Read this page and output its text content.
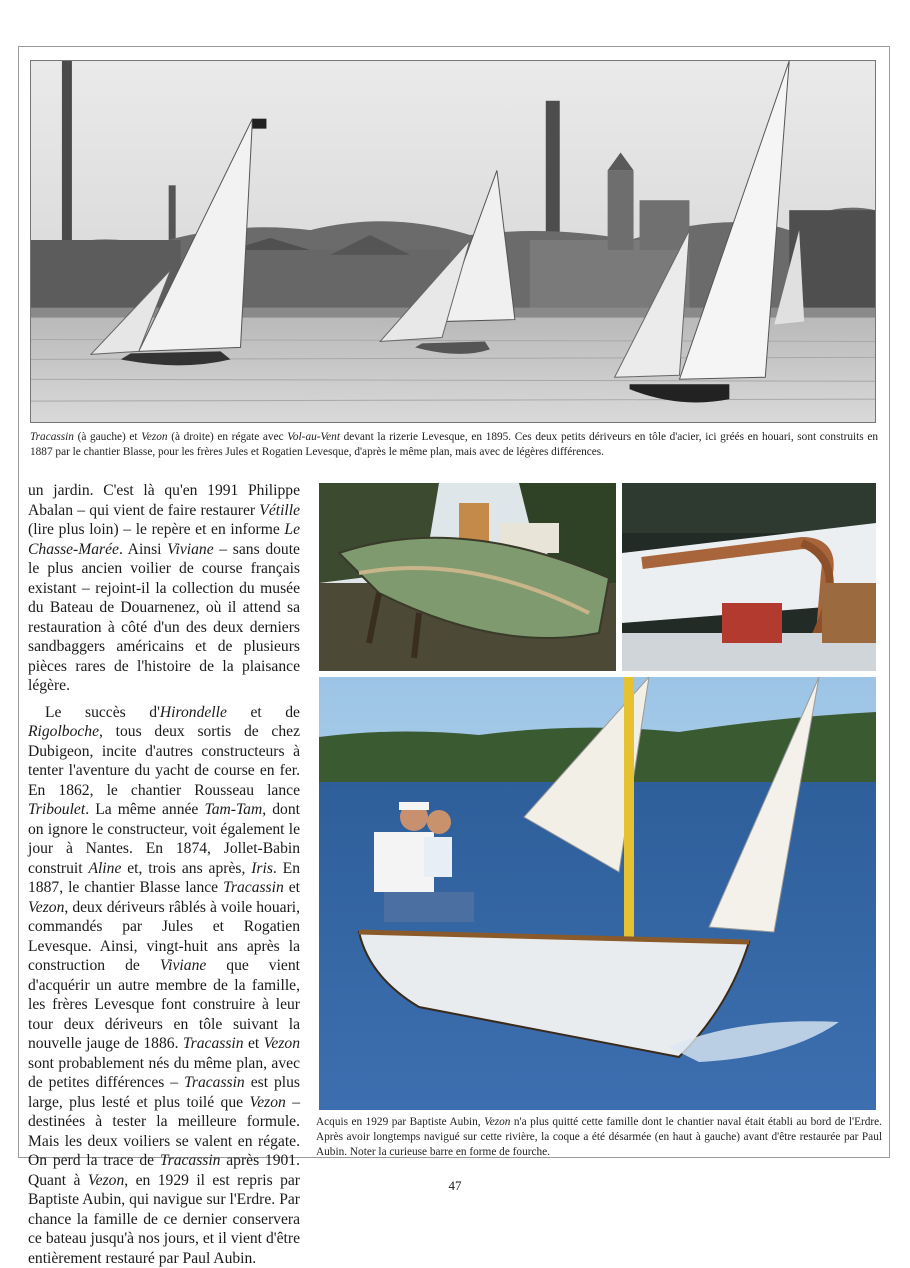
Tracassin (à gauche) et Vezon (à droite) en régate avec Vol-au-Vent devant la rizerie Levesque, en 1895. Ces deux petits dériveurs en tôle d'acier, ici gréés en houari, sont construits en 1887 par le chantier Blasse, pour les frères Jules et Rogatien Levesque, d'après le même plan, mais avec de légères différences.

un jardin. C'est là qu'en 1991 Philippe Abalan – qui vient de faire restaurer Vétille (lire plus loin) – le repère et en informe Le Chasse-Marée. Ainsi Viviane – sans doute le plus ancien voilier de course français existant – rejoint-il la collection du musée du Bateau de Douarnenez, où il attend sa restauration à côté d'un des deux derniers sandbaggers américains et de plusieurs pièces rares de l'histoire de la plaisance légère.

Le succès d'Hirondelle et de Rigolboche, tous deux sortis de chez Dubigeon, incite d'autres constructeurs à tenter l'aventure du yacht de course en fer. En 1862, le chantier Rousseau lance Triboulet. La même année Tam-Tam, dont on ignore le constructeur, voit également le jour à Nantes. En 1874, Jollet-Babin construit Aline et, trois ans après, Iris. En 1887, le chantier Blasse lance Tracassin et Vezon, deux dériveurs râblés à voile houari, commandés par Jules et Rogatien Levesque. Ainsi, vingt-huit ans après la construction de Viviane que vient d'acquérir un autre membre de la famille, les frères Levesque font construire à leur tour deux dériveurs en tôle suivant la nouvelle jauge de 1886. Tracassin et Vezon sont probablement nés du même plan, avec de petites différences – Tracassin est plus large, plus lesté et plus toilé que Vezon – destinées à tester la meilleure formule. Mais les deux voiliers se valent en régate. On perd la trace de Tracassin après 1901. Quant à Vezon, en 1929 il est repris par Baptiste Aubin, qui navigue sur l'Erdre. Par chance la famille de ce dernier conservera ce bateau jusqu'à nos jours, et il vient d'être entièrement restauré par Paul Aubin.

Acquis en 1929 par Baptiste Aubin, Vezon n'a plus quitté cette famille dont le chantier naval était établi au bord de l'Erdre. Après avoir longtemps navigué sur cette rivière, la coque a été désarmée (en haut à gauche) avant d'être restaurée par Paul Aubin. Noter la curieuse barre en forme de fourche.
47
